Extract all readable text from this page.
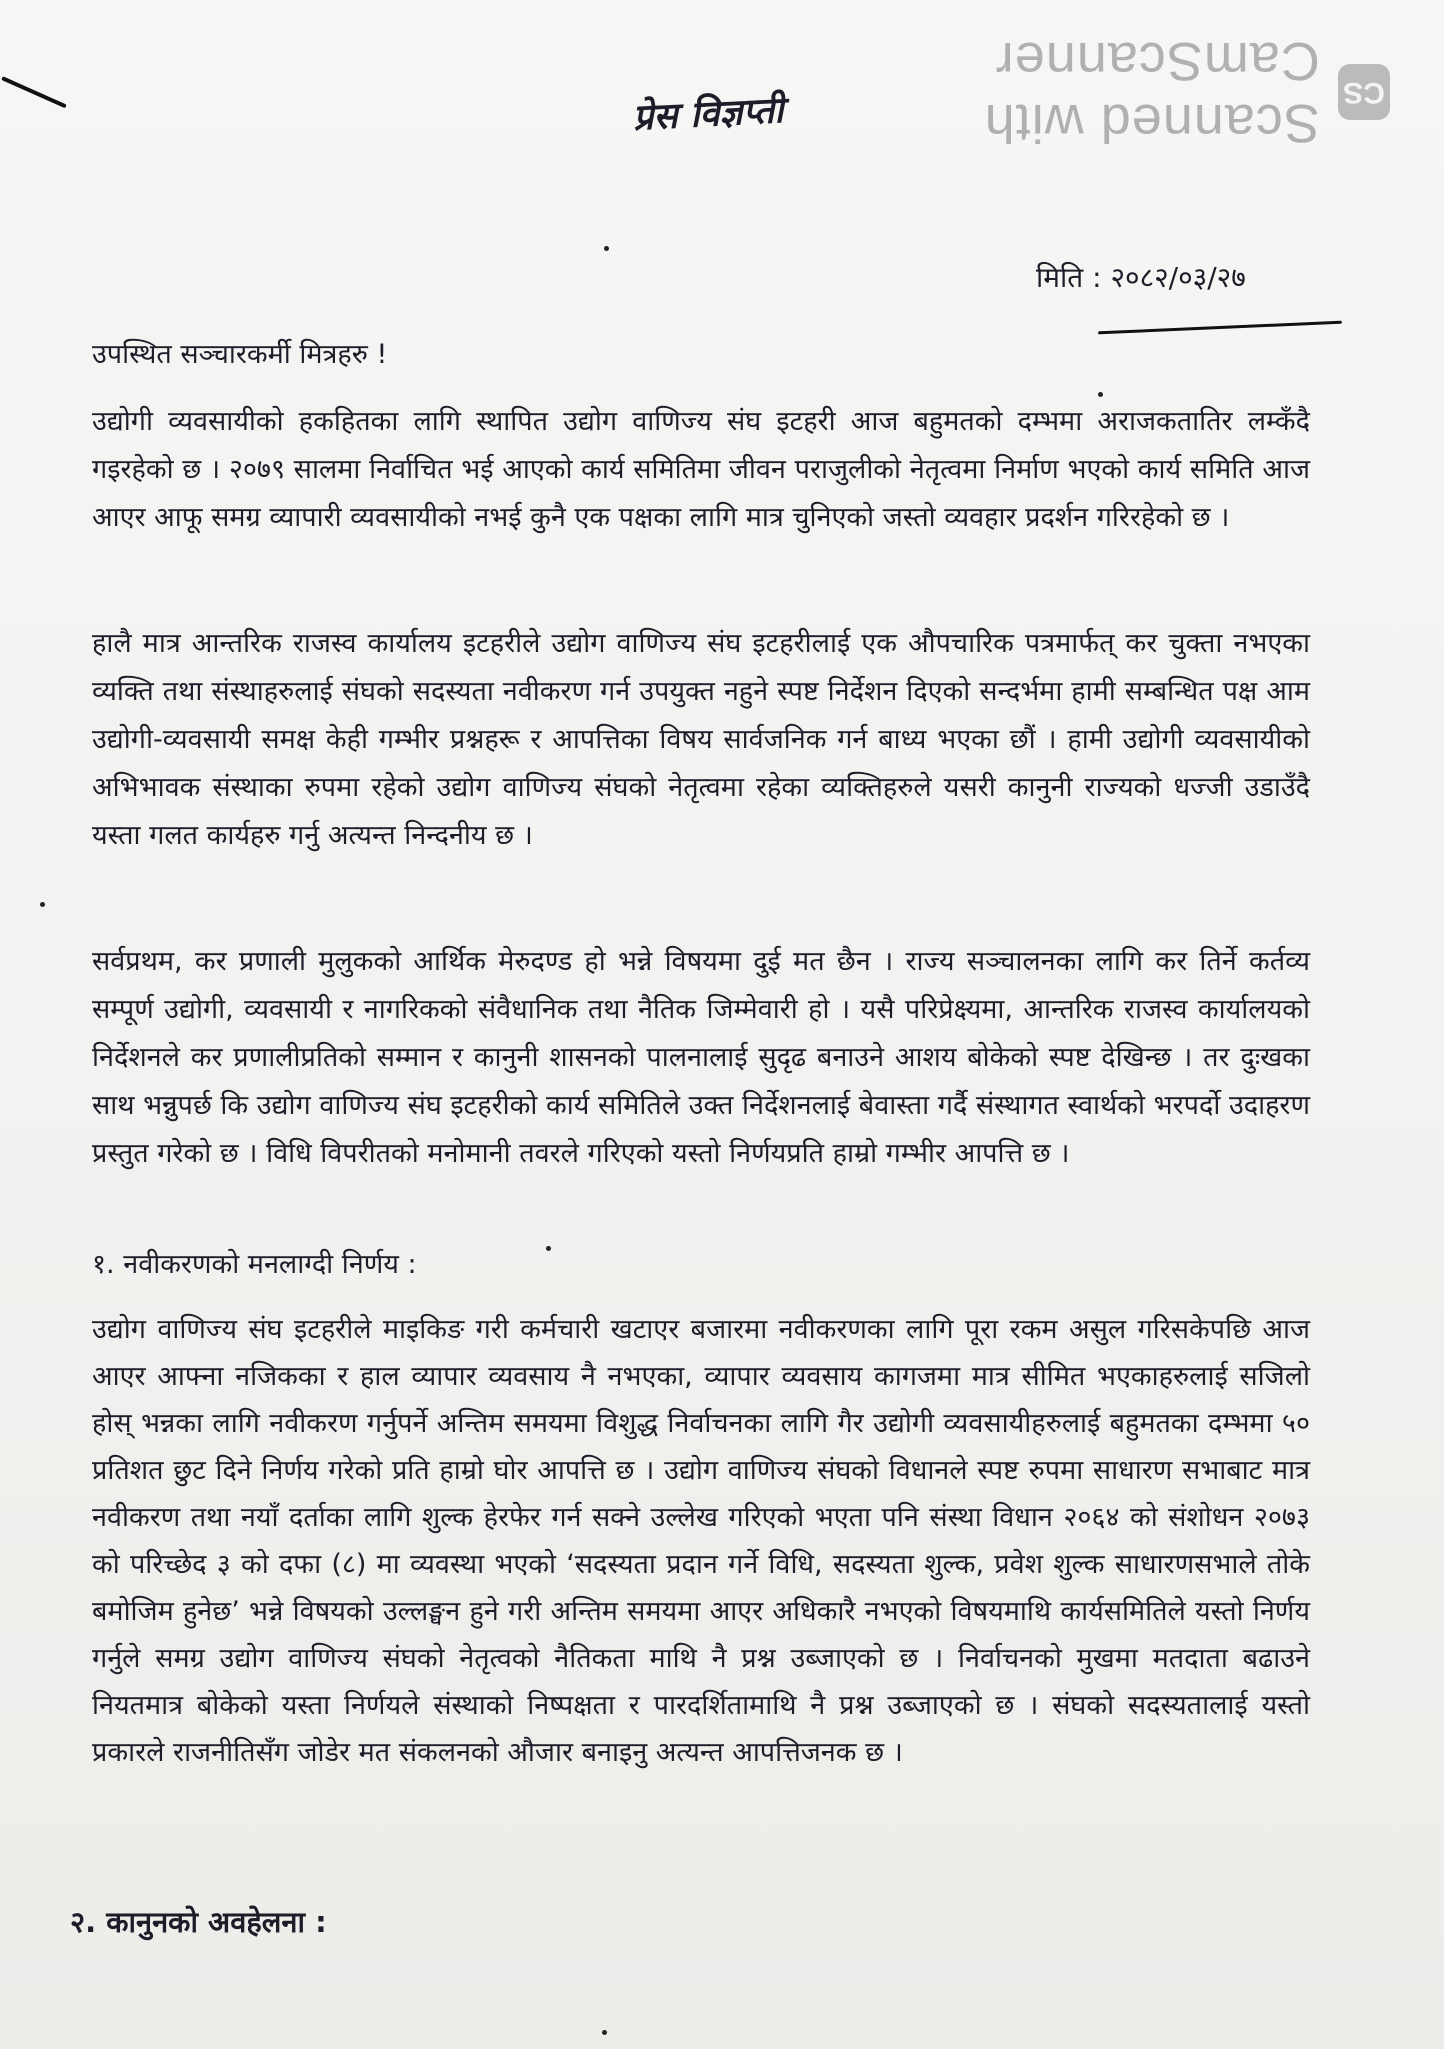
CS
Scanned with CamScanner
प्रेस विज्ञप्ती
मिति : २०८२/०३/२७
उपस्थित सञ्चारकर्मी मित्रहरु !
उद्योगी व्यवसायीको हकहितका लागि स्थापित उद्योग वाणिज्य संघ इटहरी आज बहुमतको दम्भमा अराजकतातिर लम्कँदै गइरहेको छ । २०७९ सालमा निर्वाचित भई आएको कार्य समितिमा जीवन पराजुलीको नेतृत्वमा निर्माण भएको कार्य समिति आज आएर आफू समग्र व्यापारी व्यवसायीको नभई कुनै एक पक्षका लागि मात्र चुनिएको जस्तो व्यवहार प्रदर्शन गरिरहेको छ ।
हालै मात्र आन्तरिक राजस्व कार्यालय इटहरीले उद्योग वाणिज्य संघ इटहरीलाई एक औपचारिक पत्रमार्फत् कर चुक्ता नभएका व्यक्ति तथा संस्थाहरुलाई संघको सदस्यता नवीकरण गर्न उपयुक्त नहुने स्पष्ट निर्देशन दिएको सन्दर्भमा हामी सम्बन्धित पक्ष आम उद्योगी-व्यवसायी समक्ष केही गम्भीर प्रश्नहरू र आपत्तिका विषय सार्वजनिक गर्न बाध्य भएका छौं । हामी उद्योगी व्यवसायीको अभिभावक संस्थाका रुपमा रहेको उद्योग वाणिज्य संघको नेतृत्वमा रहेका व्यक्तिहरुले यसरी कानुनी राज्यको धज्जी उडाउँदै यस्ता गलत कार्यहरु गर्नु अत्यन्त निन्दनीय छ ।
सर्वप्रथम, कर प्रणाली मुलुकको आर्थिक मेरुदण्ड हो भन्ने विषयमा दुई मत छैन । राज्य सञ्चालनका लागि कर तिर्ने कर्तव्य सम्पूर्ण उद्योगी, व्यवसायी र नागरिकको संवैधानिक तथा नैतिक जिम्मेवारी हो । यसै परिप्रेक्ष्यमा, आन्तरिक राजस्व कार्यालयको निर्देशनले कर प्रणालीप्रतिको सम्मान र कानुनी शासनको पालनालाई सुदृढ बनाउने आशय बोकेको स्पष्ट देखिन्छ । तर दुःखका साथ भन्नुपर्छ कि उद्योग वाणिज्य संघ इटहरीको कार्य समितिले उक्त निर्देशनलाई बेवास्ता गर्दै संस्थागत स्वार्थको भरपर्दो उदाहरण प्रस्तुत गरेको छ । विधि विपरीतको मनोमानी तवरले गरिएको यस्तो निर्णयप्रति हाम्रो गम्भीर आपत्ति छ ।
१. नवीकरणको मनलाग्दी निर्णय :
उद्योग वाणिज्य संघ इटहरीले माइकिङ गरी कर्मचारी खटाएर बजारमा नवीकरणका लागि पूरा रकम असुल गरिसकेपछि आज आएर आफ्ना नजिकका र हाल व्यापार व्यवसाय नै नभएका, व्यापार व्यवसाय कागजमा मात्र सीमित भएकाहरुलाई सजिलो होस् भन्नका लागि नवीकरण गर्नुपर्ने अन्तिम समयमा विशुद्ध निर्वाचनका लागि गैर उद्योगी व्यवसायीहरुलाई बहुमतका दम्भमा ५० प्रतिशत छुट दिने निर्णय गरेको प्रति हाम्रो घोर आपत्ति छ । उद्योग वाणिज्य संघको विधानले स्पष्ट रुपमा साधारण सभाबाट मात्र नवीकरण तथा नयाँ दर्ताका लागि शुल्क हेरफेर गर्न सक्ने उल्लेख गरिएको भएता पनि संस्था विधान २०६४ को संशोधन २०७३ को परिच्छेद ३ को दफा (८) मा व्यवस्था भएको ‘सदस्यता प्रदान गर्ने विधि, सदस्यता शुल्क, प्रवेश शुल्क साधारणसभाले तोके बमोजिम हुनेछ’ भन्ने विषयको उल्लङ्घन हुने गरी अन्तिम समयमा आएर अधिकारै नभएको विषयमाथि कार्यसमितिले यस्तो निर्णय गर्नुले समग्र उद्योग वाणिज्य संघको नेतृत्वको नैतिकता माथि नै प्रश्न उब्जाएको छ । निर्वाचनको मुखमा मतदाता बढाउने नियतमात्र बोकेको यस्ता निर्णयले संस्थाको निष्पक्षता र पारदर्शितामाथि नै प्रश्न उब्जाएको छ । संघको सदस्यतालाई यस्तो प्रकारले राजनीतिसँग जोडेर मत संकलनको औजार बनाइनु अत्यन्त आपत्तिजनक छ ।
२. कानुनको अवहेलना :
